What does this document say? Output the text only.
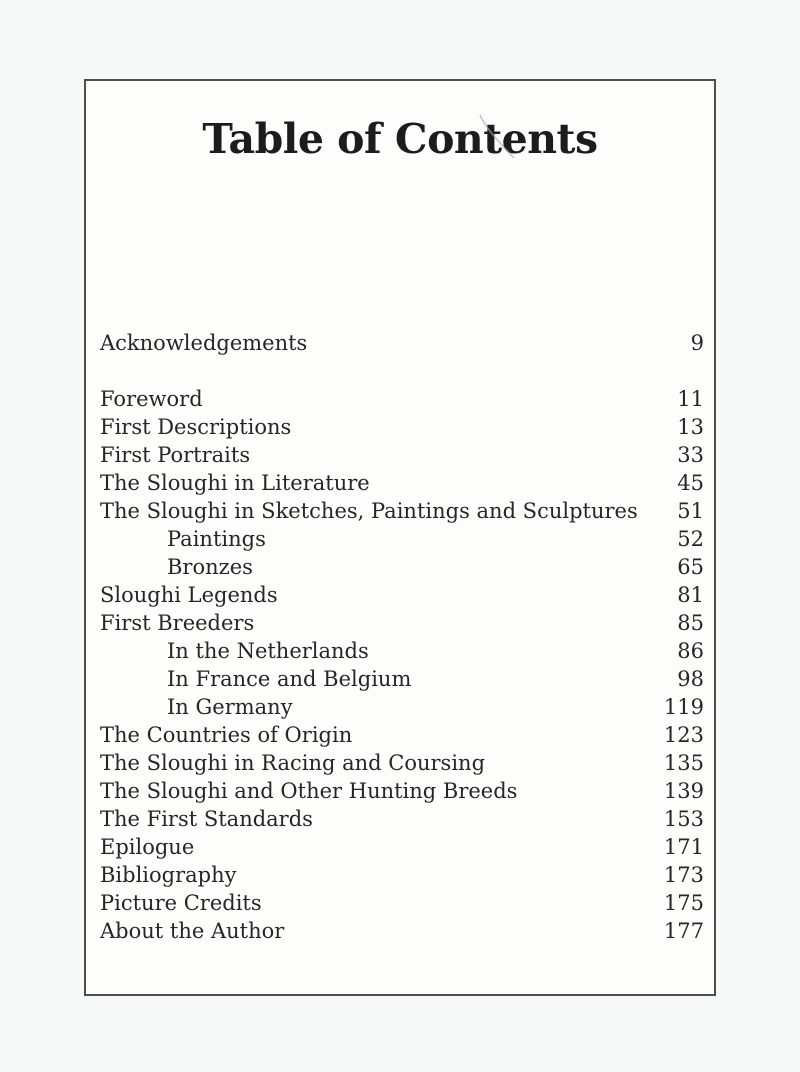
Table of Contents
Acknowledgements	9
Foreword	11
First Descriptions	13
First Portraits	33
The Sloughi in Literature	45
The Sloughi in Sketches, Paintings and Sculptures 51
Paintings	52
Bronzes	65
Sloughi Legends	81
First Breeders	85
In the Netherlands	86
In France and Belgium	98
In Germany	119
The Countries of Origin	123
The Sloughi in Racing and Coursing	135
The Sloughi and Other Hunting Breeds	139
The First Standards	153
Epilogue	171
Bibliography	173
Picture Credits	175
About the Author	177
